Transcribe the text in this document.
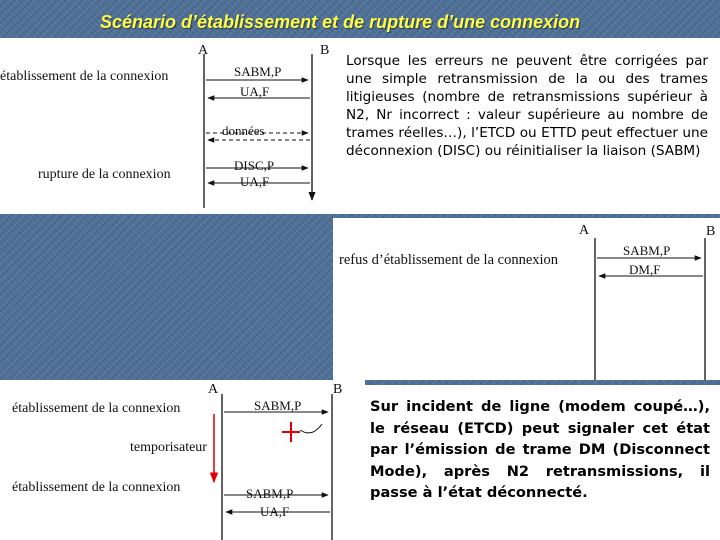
Scénario d’établissement et de rupture d’une connexion
A	B
établissement de la connexion
rupture de la connexion
SABM,P
UA,F
données
DISC,P
UA,F
Lorsque les erreurs ne peuvent être corrigées par une simple retransmission de la ou des trames litigieuses (nombre de retransmissions supérieur à N2, Nr incorrect : valeur supérieure au nombre de trames réelles…), l’ETCD ou ETTD peut effectuer une déconnexion (DISC) ou réinitialiser la liaison (SABM)
A	B
refus d’établissement de la connexion
SABM,P
DM,F
A	B
établissement de la connexion
temporisateur
établissement de la connexion
SABM,P
SABM,P
UA,F
Sur incident de ligne (modem coupé…), le réseau (ETCD) peut signaler cet état par l’émission de trame DM (Disconnect Mode), après N2 retransmissions, il passe à l’état déconnecté.
56
